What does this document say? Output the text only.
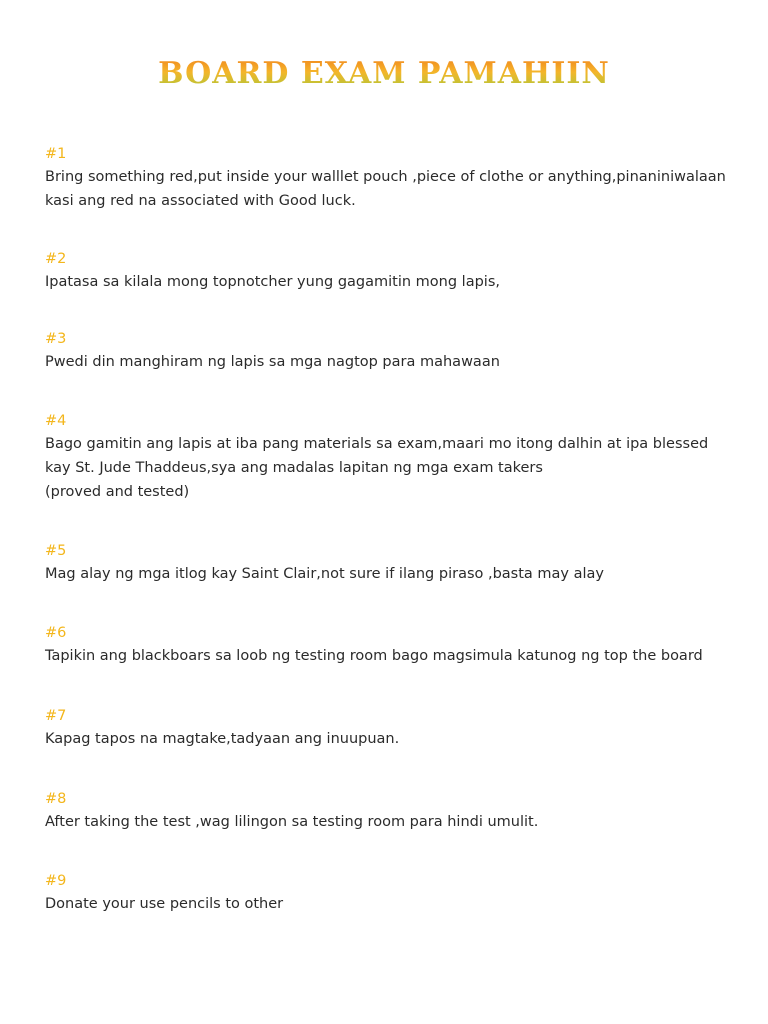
BOARD EXAM PAMAHIIN
#1
Bring something red,put inside your walllet pouch ,piece of clothe or anything,pinaniniwalaan
kasi ang red na associated with Good luck.
#2
Ipatasa sa kilala mong topnotcher yung gagamitin mong lapis,
#3
Pwedi din manghiram ng lapis sa mga nagtop para mahawaan
#4
Bago gamitin ang lapis at iba pang materials sa exam,maari mo itong dalhin at ipa blessed
kay St. Jude Thaddeus,sya ang madalas lapitan ng mga exam takers
(proved and tested)
#5
Mag alay ng mga itlog kay Saint Clair,not sure if ilang piraso ,basta may alay
#6
Tapikin ang blackboars sa loob ng testing room bago magsimula katunog ng top the board
#7
Kapag tapos na magtake,tadyaan ang inuupuan.
#8
After taking the test ,wag lilingon sa testing room para hindi umulit.
#9
Donate your use pencils to other
